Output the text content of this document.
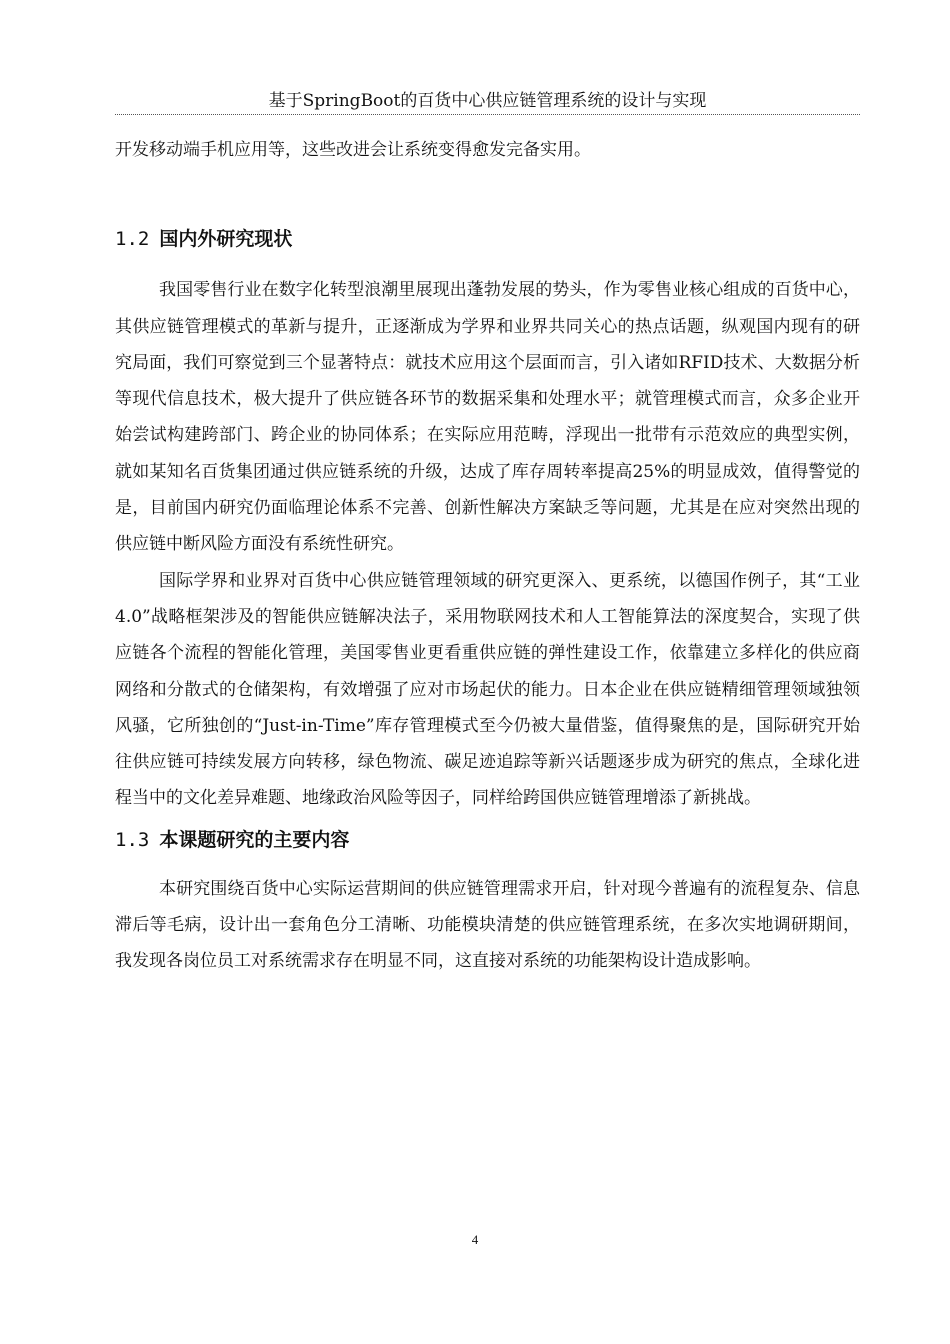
基于SpringBoot的百货中心供应链管理系统的设计与实现

开发移动端手机应用等，这些改进会让系统变得愈发完备实用。

1.2 国内外研究现状

我国零售行业在数字化转型浪潮里展现出蓬勃发展的势头，作为零售业核心组成的百货中心，其供应链管理模式的革新与提升，正逐渐成为学界和业界共同关心的热点话题，纵观国内现有的研究局面，我们可察觉到三个显著特点：就技术应用这个层面而言，引入诸如RFID技术、大数据分析等现代信息技术，极大提升了供应链各环节的数据采集和处理水平；就管理模式而言，众多企业开始尝试构建跨部门、跨企业的协同体系；在实际应用范畴，浮现出一批带有示范效应的典型实例，就如某知名百货集团通过供应链系统的升级，达成了库存周转率提高25%的明显成效，值得警觉的是，目前国内研究仍面临理论体系不完善、创新性解决方案缺乏等问题，尤其是在应对突然出现的供应链中断风险方面没有系统性研究。

国际学界和业界对百货中心供应链管理领域的研究更深入、更系统，以德国作例子，其“工业4.0”战略框架涉及的智能供应链解决法子，采用物联网技术和人工智能算法的深度契合，实现了供应链各个流程的智能化管理，美国零售业更看重供应链的弹性建设工作，依靠建立多样化的供应商网络和分散式的仓储架构，有效增强了应对市场起伏的能力。日本企业在供应链精细管理领域独领风骚，它所独创的“Just-in-Time”库存管理模式至今仍被大量借鉴，值得聚焦的是，国际研究开始往供应链可持续发展方向转移，绿色物流、碳足迹追踪等新兴话题逐步成为研究的焦点，全球化进程当中的文化差异难题、地缘政治风险等因子，同样给跨国供应链管理增添了新挑战。

1.3 本课题研究的主要内容

本研究围绕百货中心实际运营期间的供应链管理需求开启，针对现今普遍有的流程复杂、信息滞后等毛病，设计出一套角色分工清晰、功能模块清楚的供应链管理系统，在多次实地调研期间，我发现各岗位员工对系统需求存在明显不同，这直接对系统的功能架构设计造成影响。

4
